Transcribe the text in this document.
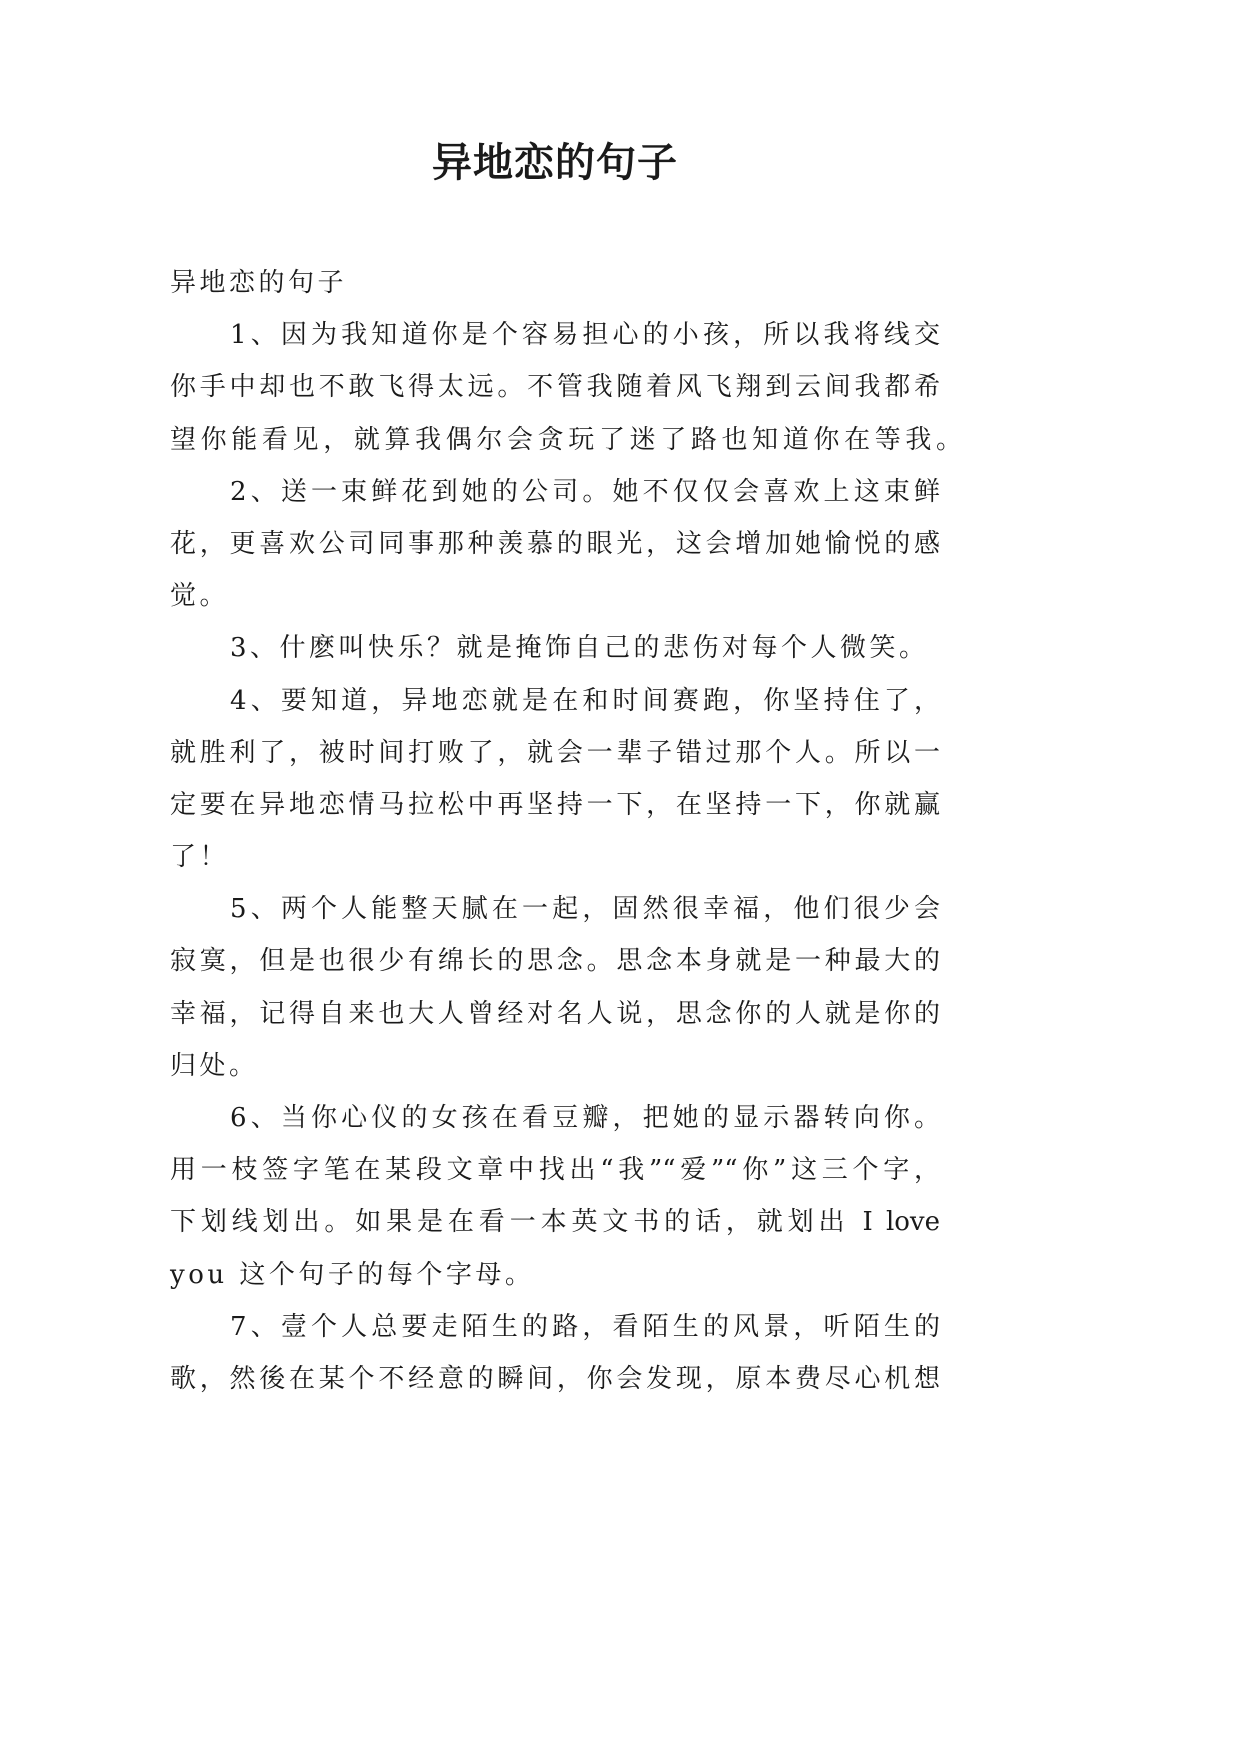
异地恋的句子
异地恋的句子
1、因为我知道你是个容易担心的小孩，所以我将线交
你手中却也不敢飞得太远。不管我随着风飞翔到云间我都希
望你能看见，就算我偶尔会贪玩了迷了路也知道你在等我。
2、送一束鲜花到她的公司。她不仅仅会喜欢上这束鲜
花，更喜欢公司同事那种羡慕的眼光，这会增加她愉悦的感
觉。
3、什麽叫快乐？就是掩饰自己的悲伤对每个人微笑。
4、要知道，异地恋就是在和时间赛跑，你坚持住了，
就胜利了，被时间打败了，就会一辈子错过那个人。所以一
定要在异地恋情马拉松中再坚持一下，在坚持一下，你就赢
了！
5、两个人能整天腻在一起，固然很幸福，他们很少会
寂寞，但是也很少有绵长的思念。思念本身就是一种最大的
幸福，记得自来也大人曾经对名人说，思念你的人就是你的
归处。
6、当你心仪的女孩在看豆瓣，把她的显示器转向你。
用一枝签字笔在某段文章中找出“我”“爱”“你”这三个字，
下划线划出。如果是在看一本英文书的话，就划出 I love
you 这个句子的每个字母。
7、壹个人总要走陌生的路，看陌生的风景，听陌生的
歌，然後在某个不经意的瞬间，你会发现，原本费尽心机想
